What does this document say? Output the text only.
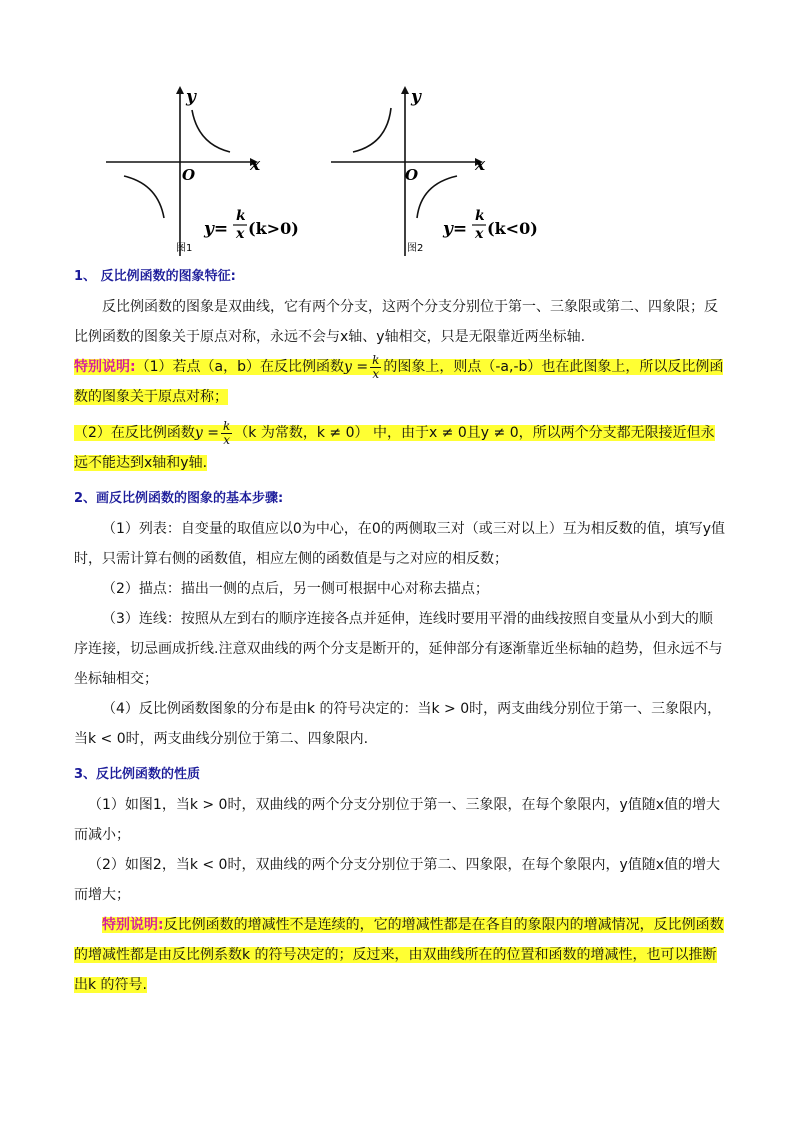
y
x
O
y=
k
x (k>0)
图1
y
x
O
y=
k
x (k<0)
图2

1、 反比例函数的图象特征:

反比例函数的图象是双曲线，它有两个分支，这两个分支分别位于第一、三象限或第二、四象限；反比例函数的图象关于原点对称，永远不会与x轴、y轴相交，只是无限靠近两坐标轴.

特别说明:（1）若点（a，b）在反比例函数$y = \frac{k}{x}$ 的图象上，则点（-a,-b）也在此图象上，所以反比例函数的图象关于原点对称；

（2）在反比例函数$y = \frac{k}{x} (k$ 为常数，k ≠ 0） 中，由于x ≠ 0且y ≠ 0，所以两个分支都无限接近但永远不能达到x轴和y轴.

2、画反比例函数的图象的基本步骤:

（1）列表：自变量的取值应以0为中心，在0的两侧取三对（或三对以上）互为相反数的值，填写y值时，只需计算右侧的函数值，相应左侧的函数值是与之对应的相反数；

（2）描点：描出一侧的点后，另一侧可根据中心对称去描点；

（3）连线：按照从左到右的顺序连接各点并延伸，连线时要用平滑的曲线按照自变量从小到大的顺序连接，切忌画成折线.注意双曲线的两个分支是断开的，延伸部分有逐渐靠近坐标轴的趋势，但永远不与坐标轴相交；

（4）反比例函数图象的分布是由k 的符号决定的：当k > 0时，两支曲线分别位于第一、三象限内，当k < 0时，两支曲线分别位于第二、四象限内.

3、反比例函数的性质

（1）如图1，当k > 0时，双曲线的两个分支分别位于第一、三象限，在每个象限内，y值随x值的增大而减小；

（2）如图2，当k < 0时，双曲线的两个分支分别位于第二、四象限，在每个象限内，y值随x值的增大而增大；

特别说明:反比例函数的增减性不是连续的，它的增减性都是在各自的象限内的增减情况，反比例函数的增减性都是由反比例系数k 的符号决定的；反过来，由双曲线所在的位置和函数的增减性，也可以推断出k 的符号.
